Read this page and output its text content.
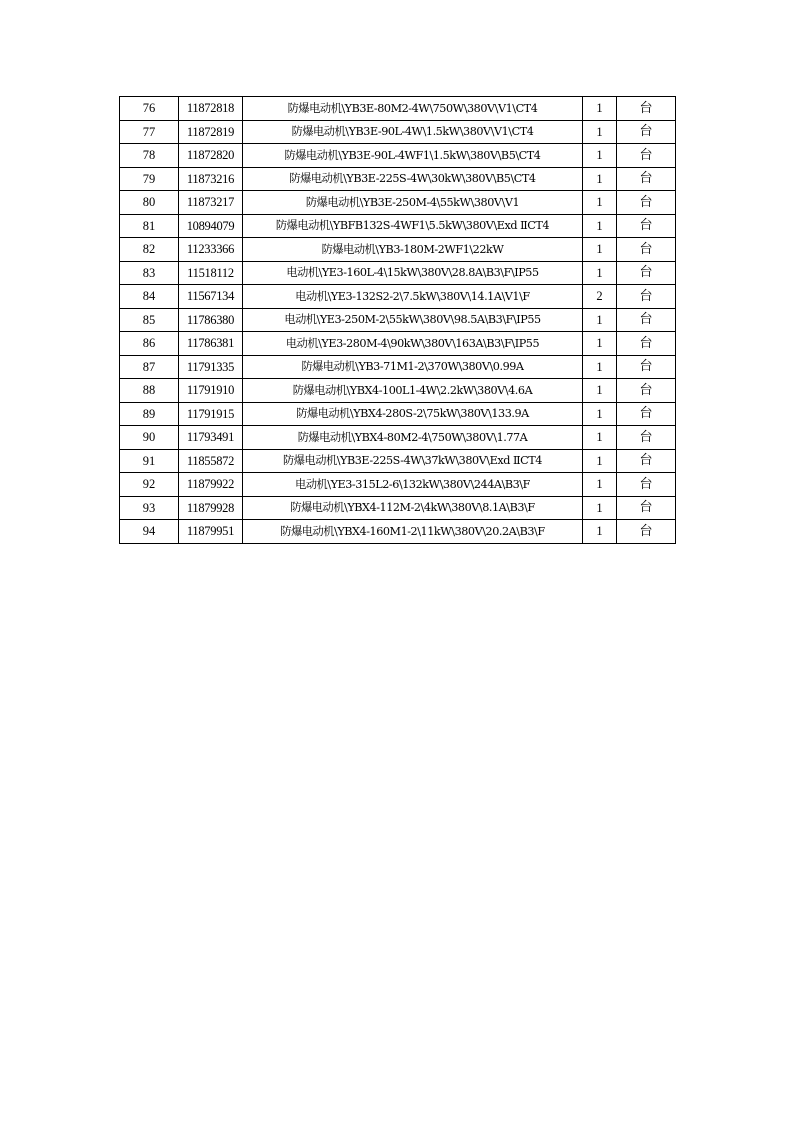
76	11872818	防爆电动机\YB3E-80M2-4W\750W\380V\V1\CT4	1	台
77	11872819	防爆电动机\YB3E-90L-4W\1.5kW\380V\V1\CT4	1	台
78	11872820	防爆电动机\YB3E-90L-4WF1\1.5kW\380V\B5\CT4	1	台
79	11873216	防爆电动机\YB3E-225S-4W\30kW\380V\B5\CT4	1	台
80	11873217	防爆电动机\YB3E-250M-4\55kW\380V\V1	1	台
81	10894079	防爆电动机\YBFB132S-4WF1\5.5kW\380V\Exd ⅡCT4	1	台
82	11233366	防爆电动机\YB3-180M-2WF1\22kW	1	台
83	11518112	电动机\YE3-160L-4\15kW\380V\28.8A\B3\F\IP55	1	台
84	11567134	电动机\YE3-132S2-2\7.5kW\380V\14.1A\V1\F	2	台
85	11786380	电动机\YE3-250M-2\55kW\380V\98.5A\B3\F\IP55	1	台
86	11786381	电动机\YE3-280M-4\90kW\380V\163A\B3\F\IP55	1	台
87	11791335	防爆电动机\YB3-71M1-2\370W\380V\0.99A	1	台
88	11791910	防爆电动机\YBX4-100L1-4W\2.2kW\380V\4.6A	1	台
89	11791915	防爆电动机\YBX4-280S-2\75kW\380V\133.9A	1	台
90	11793491	防爆电动机\YBX4-80M2-4\750W\380V\1.77A	1	台
91	11855872	防爆电动机\YB3E-225S-4W\37kW\380V\Exd ⅡCT4	1	台
92	11879922	电动机\YE3-315L2-6\132kW\380V\244A\B3\F	1	台
93	11879928	防爆电动机\YBX4-112M-2\4kW\380V\8.1A\B3\F	1	台
94	11879951	防爆电动机\YBX4-160M1-2\11kW\380V\20.2A\B3\F	1	台
